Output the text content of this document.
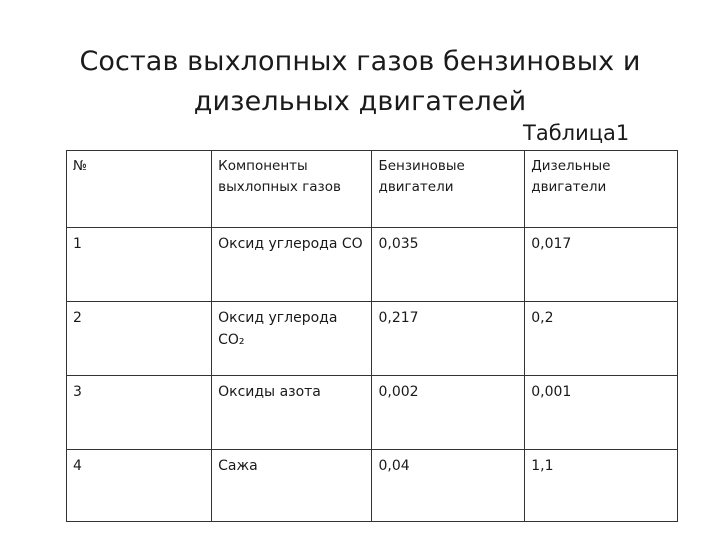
Состав выхлопных газов бензиновых и
дизельных двигателей
Таблица1
№	Компоненты выхлопных газов	Бензиновые двигатели	Дизельные двигатели
1	Оксид углерода СО	0,035	0,017
2	Оксид углерода СО₂	0,217	0,2
3	Оксиды азота	0,002	0,001
4	Сажа	0,04	1,1
